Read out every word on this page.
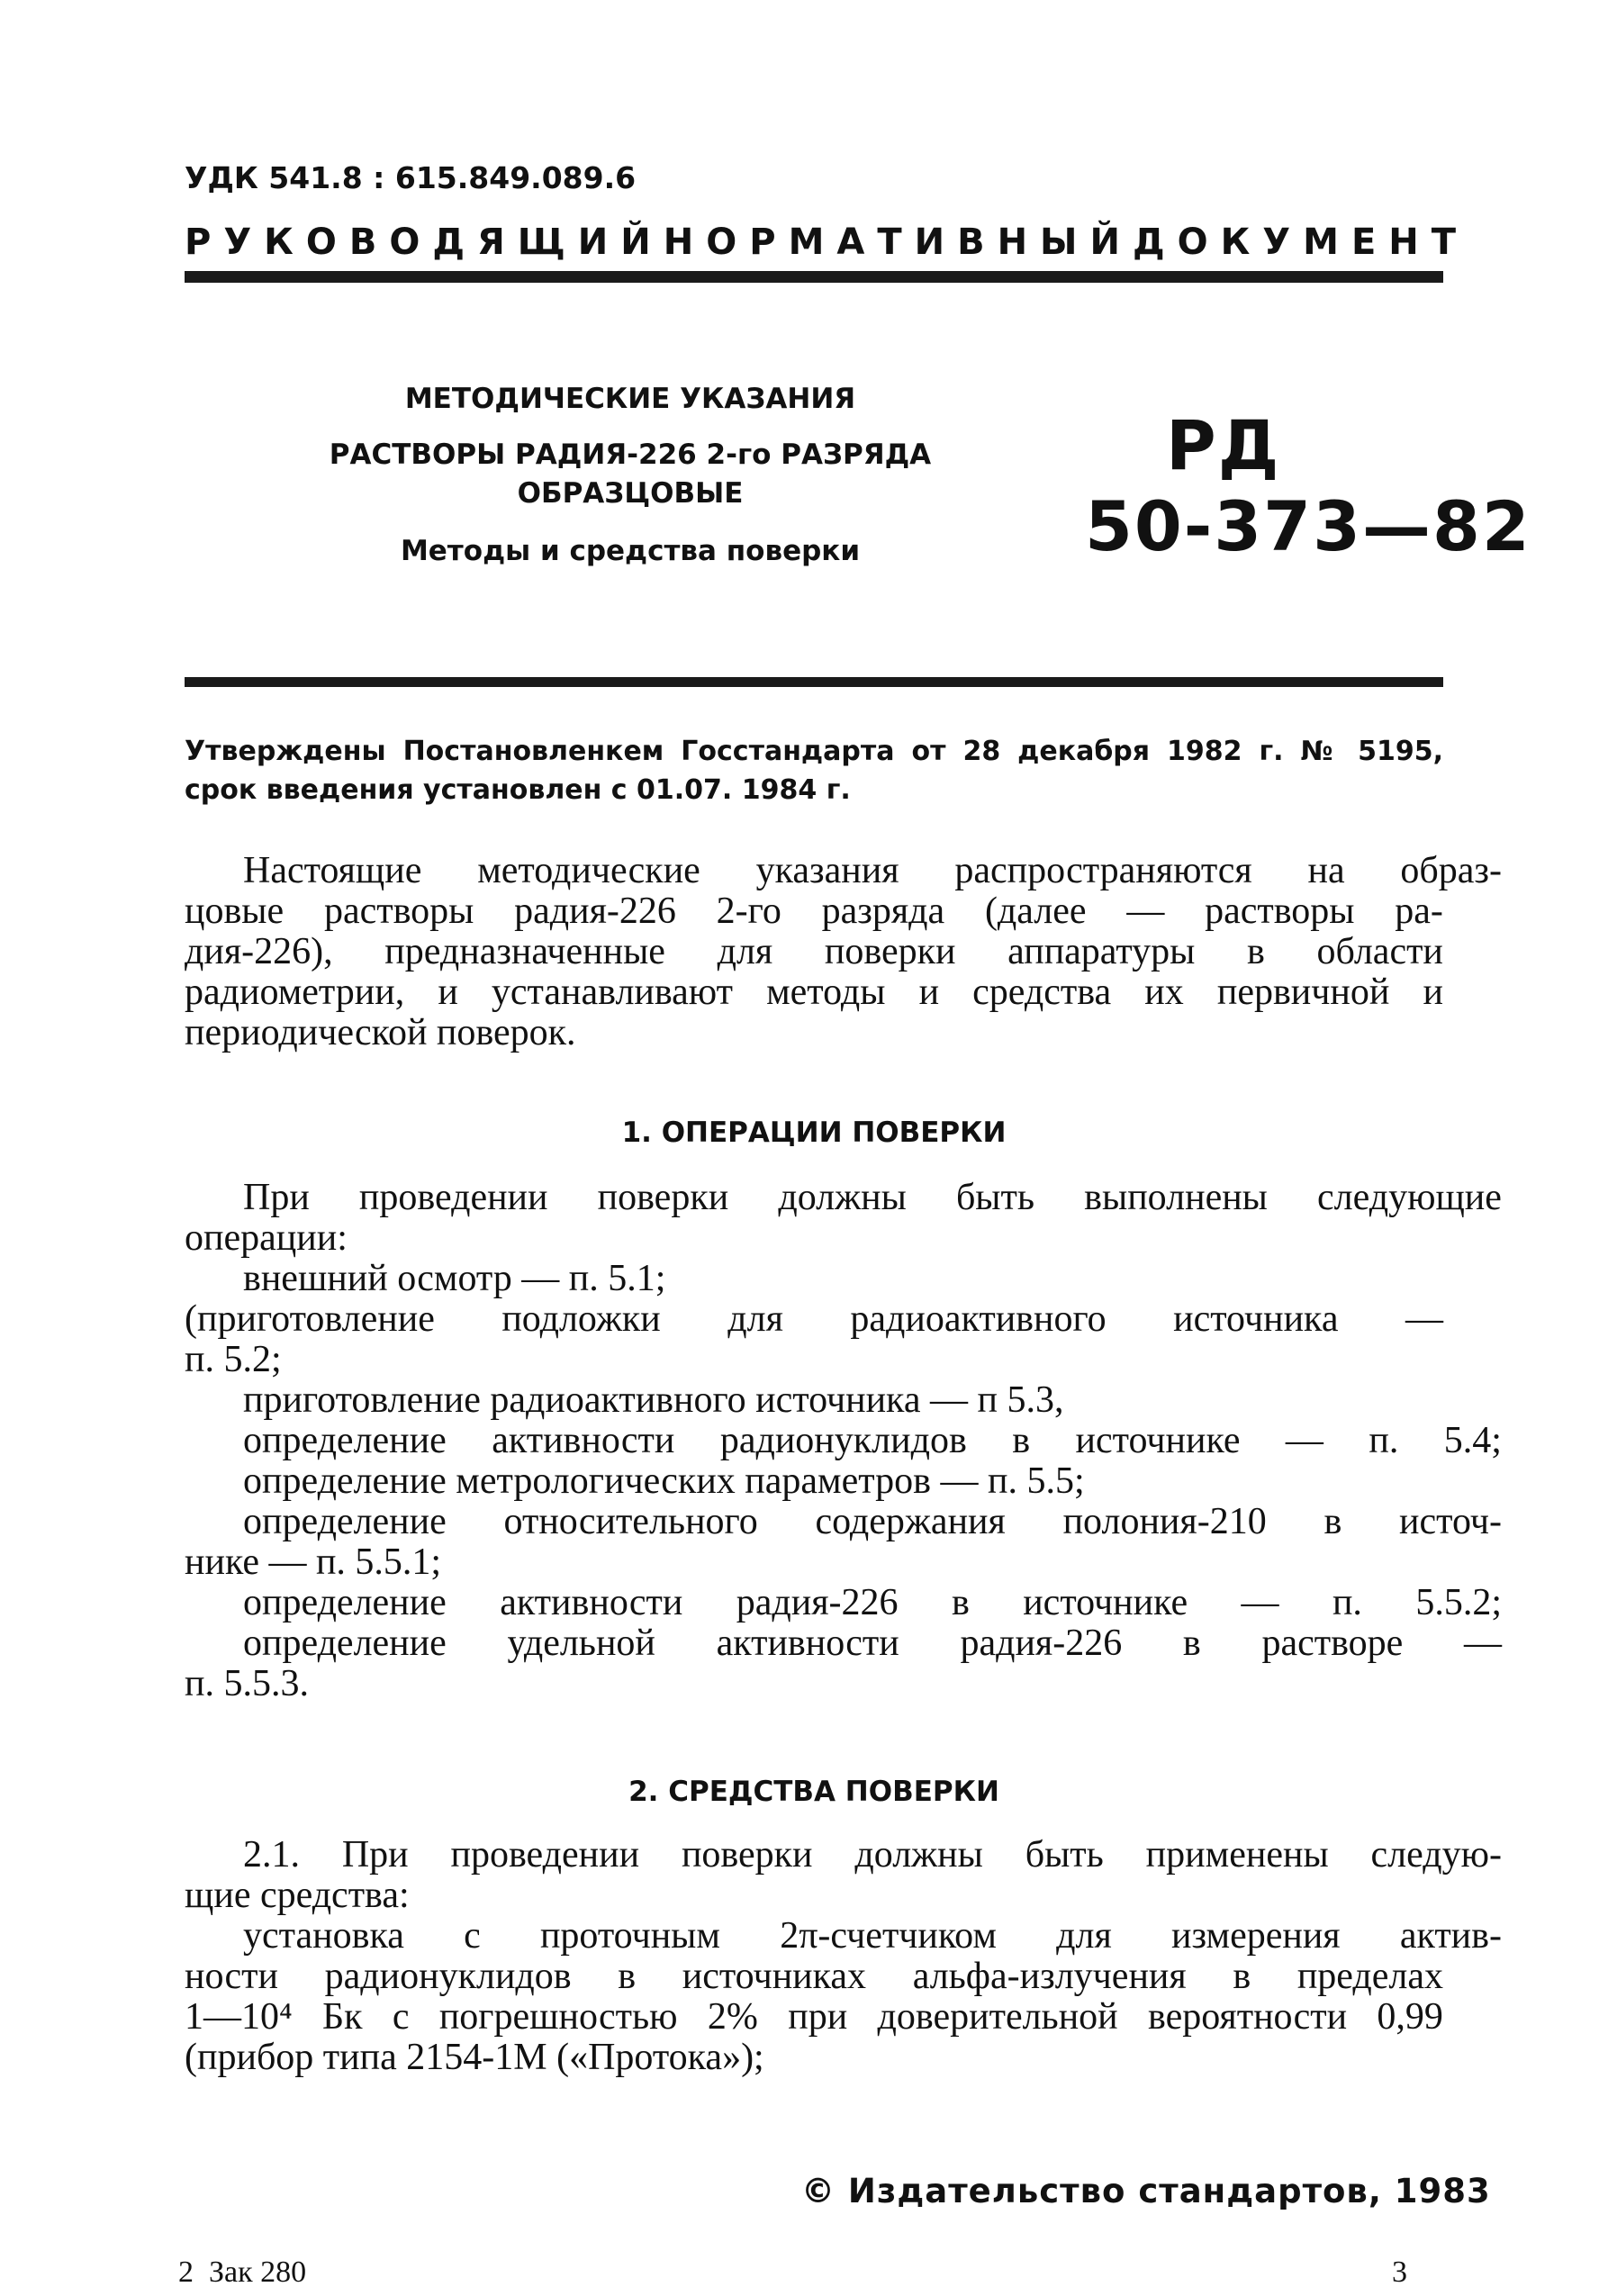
УДК 541.8 : 615.849.089.6
РУКОВОДЯЩИЙ НОРМАТИВНЫЙ ДОКУМЕНТ
МЕТОДИЧЕСКИЕ УКАЗАНИЯ
РАСТВОРЫ РАДИЯ-226 2-го РАЗРЯДА
ОБРАЗЦОВЫЕ
Методы и средства поверки
РД
50-373—82
Утверждены Постановленкем Госстандарта от 28 декабря 1982 г. № 5195, срок введения установлен с 01.07. 1984 г.
1. ОПЕРАЦИИ ПОВЕРКИ
2. СРЕДСТВА ПОВЕРКИ
© Издательство стандартов, 1983
2  Зак 280	3
Настоящие методические указания распространяются на образ-
цовые растворы радия-226 2-го разряда (далее — растворы ра-
дия-226), предназначенные для поверки аппаратуры в области
радиометрии, и устанавливают методы и средства их первичной и
периодической поверок.
При проведении поверки должны быть выполнены следующие
операции:
внешний осмотр — п. 5.1;
(приготовление подложки для радиоактивного источника —
п. 5.2;
приготовление радиоактивного источника — п 5.3,
определение активности радионуклидов в источнике — п. 5.4;
определение метрологических параметров — п. 5.5;
определение относительного содержания полония-210 в источ-
нике — п. 5.5.1;
определение активности радия-226 в источнике — п. 5.5.2;
определение удельной активности радия-226 в растворе —
п. 5.5.3.
2.1. При проведении поверки должны быть применены следую-
щие средства:
установка с проточным 2π-счетчиком для измерения актив-
ности радионуклидов в источниках альфа-излучения в пределах
1—10⁴ Бк с погрешностью 2% при доверительной вероятности 0,99
(прибор типа 2154-1М («Протока»);
